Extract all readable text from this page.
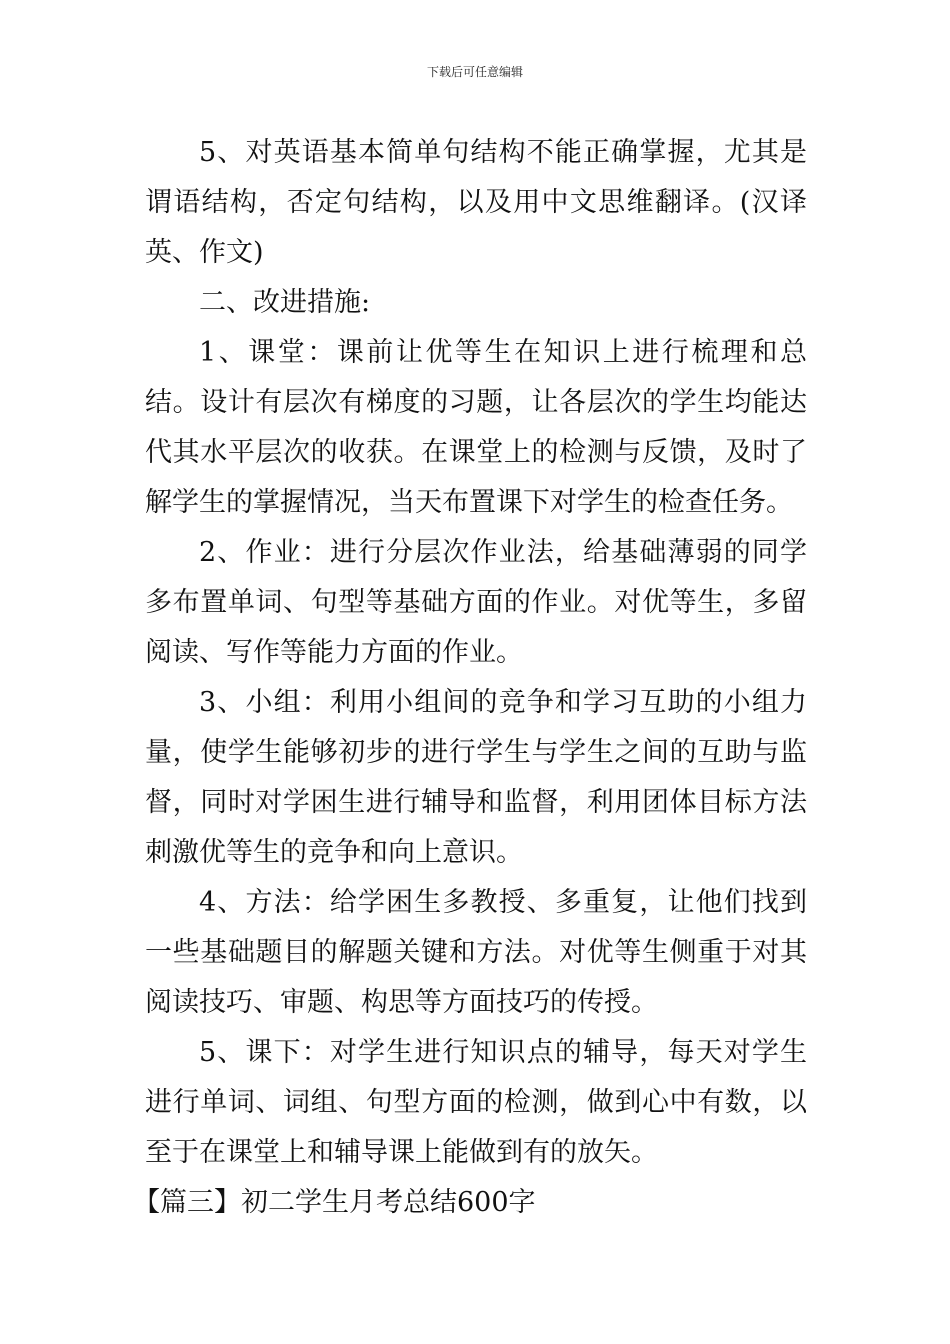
下载后可任意编辑

5、对英语基本简单句结构不能正确掌握，尤其是谓语结构，否定句结构，以及用中文思维翻译。(汉译英、作文)

二、改进措施:

1、课堂：课前让优等生在知识上进行梳理和总结。设计有层次有梯度的习题，让各层次的学生均能达代其水平层次的收获。在课堂上的检测与反馈，及时了解学生的掌握情况，当天布置课下对学生的检查任务。

2、作业：进行分层次作业法，给基础薄弱的同学多布置单词、句型等基础方面的作业。对优等生，多留阅读、写作等能力方面的作业。

3、小组：利用小组间的竞争和学习互助的小组力量，使学生能够初步的进行学生与学生之间的互助与监督，同时对学困生进行辅导和监督，利用团体目标方法刺激优等生的竞争和向上意识。

4、方法：给学困生多教授、多重复，让他们找到一些基础题目的解题关键和方法。对优等生侧重于对其阅读技巧、审题、构思等方面技巧的传授。

5、课下：对学生进行知识点的辅导，每天对学生进行单词、词组、句型方面的检测，做到心中有数，以至于在课堂上和辅导课上能做到有的放矢。

【篇三】初二学生月考总结600字
